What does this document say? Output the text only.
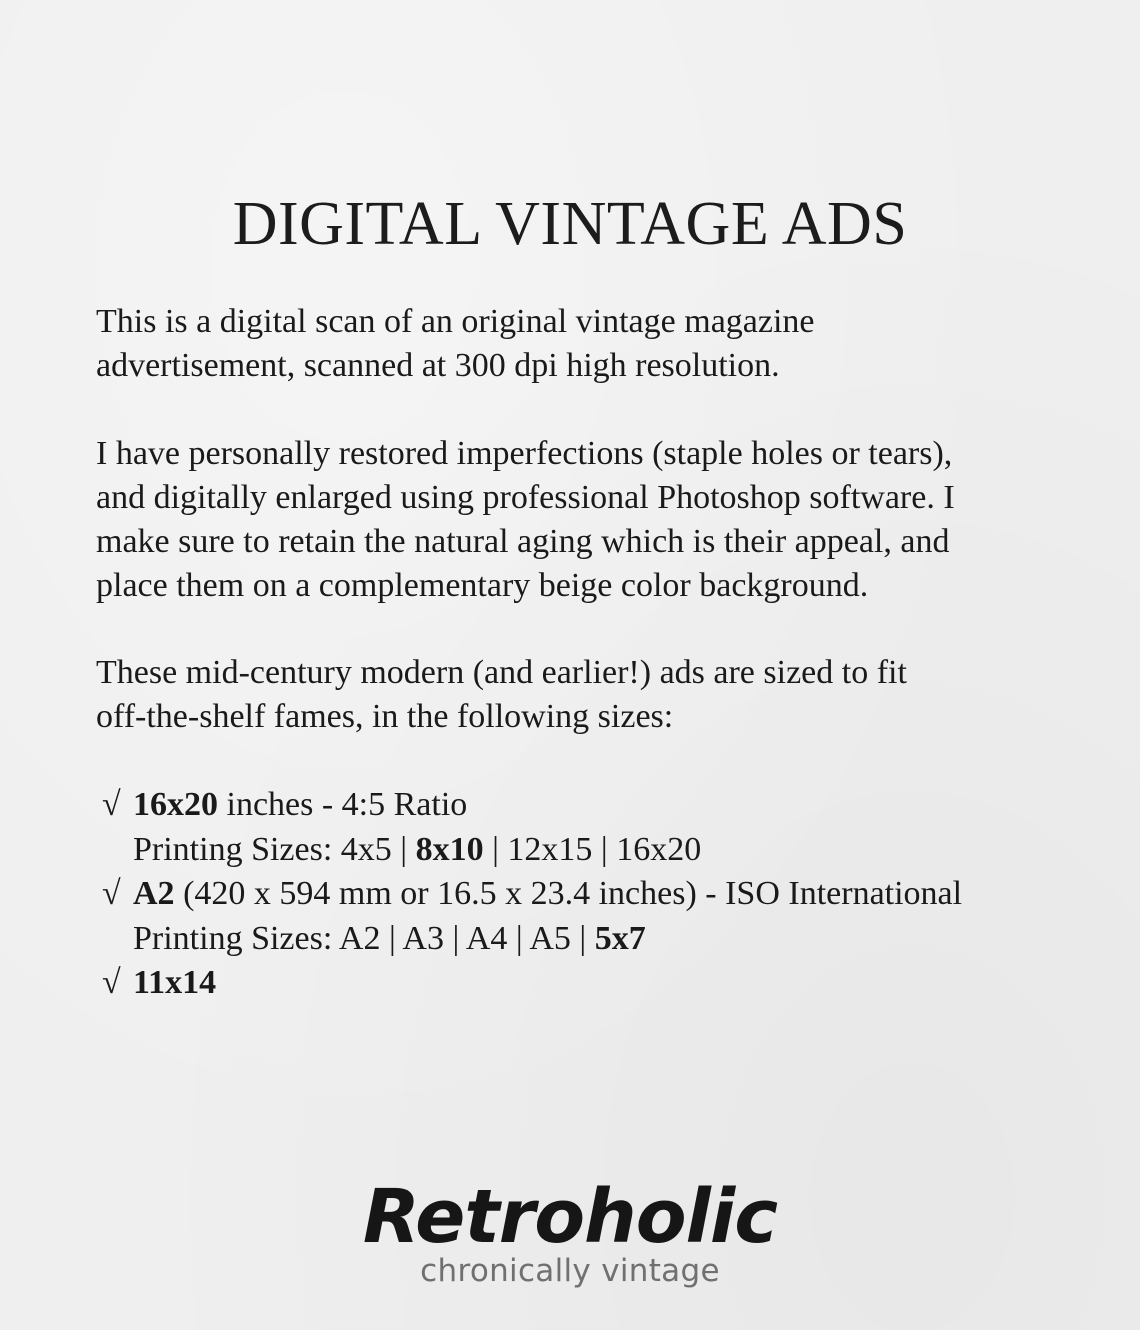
DIGITAL VINTAGE ADS

This is a digital scan of an original vintage magazine
advertisement, scanned at 300 dpi high resolution.

I have personally restored imperfections (staple holes or tears),
and digitally enlarged using professional Photoshop software. I
make sure to retain the natural aging which is their appeal, and
place them on a complementary beige color background.

These mid-century modern (and earlier!) ads are sized to fit
off-the-shelf fames, in the following sizes:

√ 16x20 inches - 4:5 Ratio
Printing Sizes: 4x5 | 8x10 | 12x15 | 16x20
√ A2 (420 x 594 mm or 16.5 x 23.4 inches) - ISO International
Printing Sizes: A2 | A3 | A4 | A5 | 5x7
√ 11x14
Retroholic
chronically vintage
